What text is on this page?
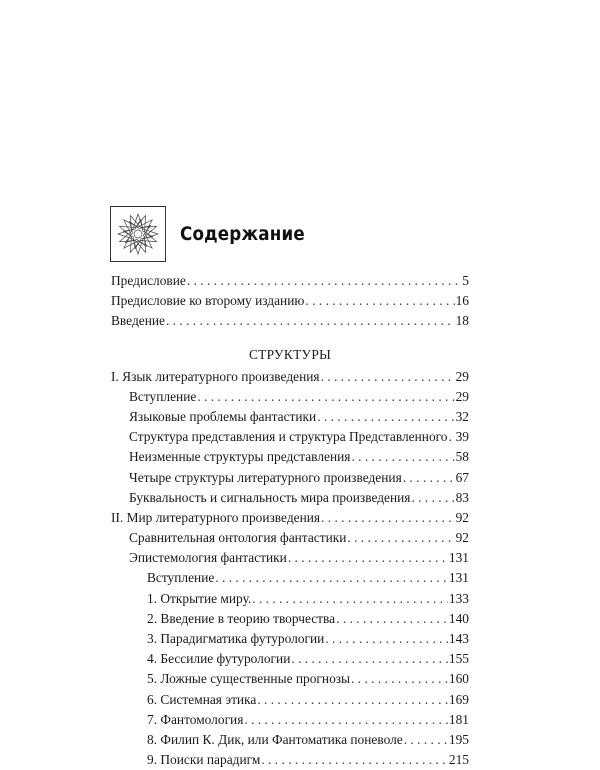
Содержание
Предисловие . . .	5
Предисловие ко второму изданию . . .	16
Введение . . .	18
СТРУКТУРЫ
I. Язык литературного произведения . . .	29
Вступление . . .	29
Языковые проблемы фантастики . . .	32
Структура представления и структура Представленного . . . 39
Неизменные структуры представления . . .	58
Четыре структуры литературного произведения . . .	67
Буквальность и сигнальность мира произведения . . .	83
II. Мир литературного произведения . . .	92
Сравнительная онтология фантастики . . .	92
Эпистемология фантастики . . .	131
Вступление . . .	131
1. Открытие миру. . . .	133
2. Введение в теорию творчества . . .	140
3. Парадигматика футурологии . . .	143
4. Бессилие футурологии . . .	155
5. Ложные существенные прогнозы . . .	160
6. Системная этика . . .	169
7. Фантомология . . .	181
8. Филип К. Дик, или Фантоматика поневоле . . .	195
9. Поиски парадигм . . .	215
